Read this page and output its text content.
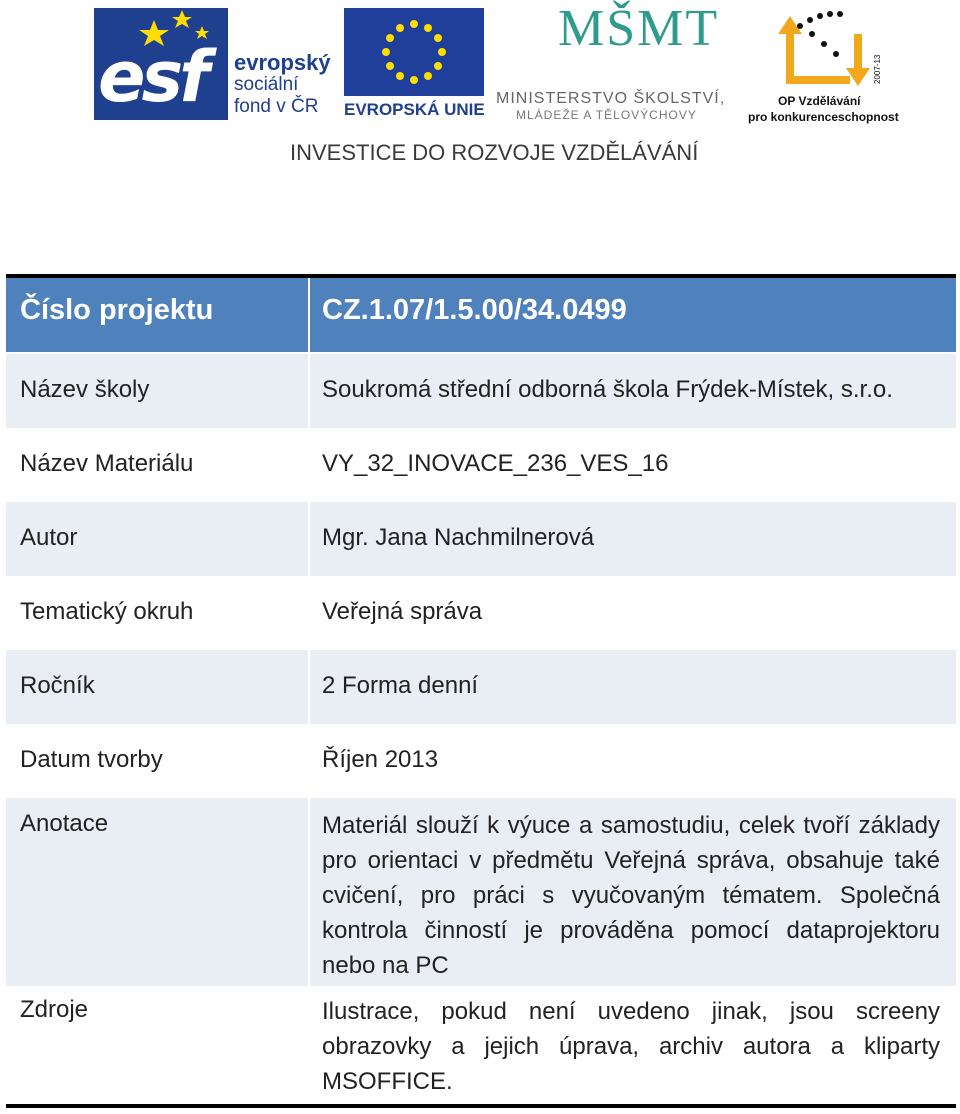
esf evropský
sociální
fond v ČR	EVROPSKÁ UNIE
MŠMT
MINISTERSTVO ŠKOLSTVÍ,
MLÁDEŽE A TĚLOVÝCHOVY
2007-13
OP Vzdělávání
pro konkurenceschopnost
INVESTICE DO ROZVOJE VZDĚLÁVÁNÍ
Číslo projektu	CZ.1.07/1.5.00/34.0499
Název školy	Soukromá střední odborná škola Frýdek-Místek, s.r.o.
Název Materiálu	VY_32_INOVACE_236_VES_16
Autor	Mgr. Jana Nachmilnerová
Tematický okruh	Veřejná správa
Ročník	2 Forma denní
Datum tvorby	Říjen 2013
Anotace	Materiál slouží k výuce a samostudiu, celek tvoří základy pro orientaci v předmětu Veřejná správa, obsahuje také cvičení, pro práci s vyučovaným tématem. Společná kontrola činností je prováděna pomocí dataprojektoru nebo na PC
Zdroje	Ilustrace, pokud není uvedeno jinak, jsou screeny obrazovky a jejich úprava, archiv autora a kliparty MSOFFICE.
